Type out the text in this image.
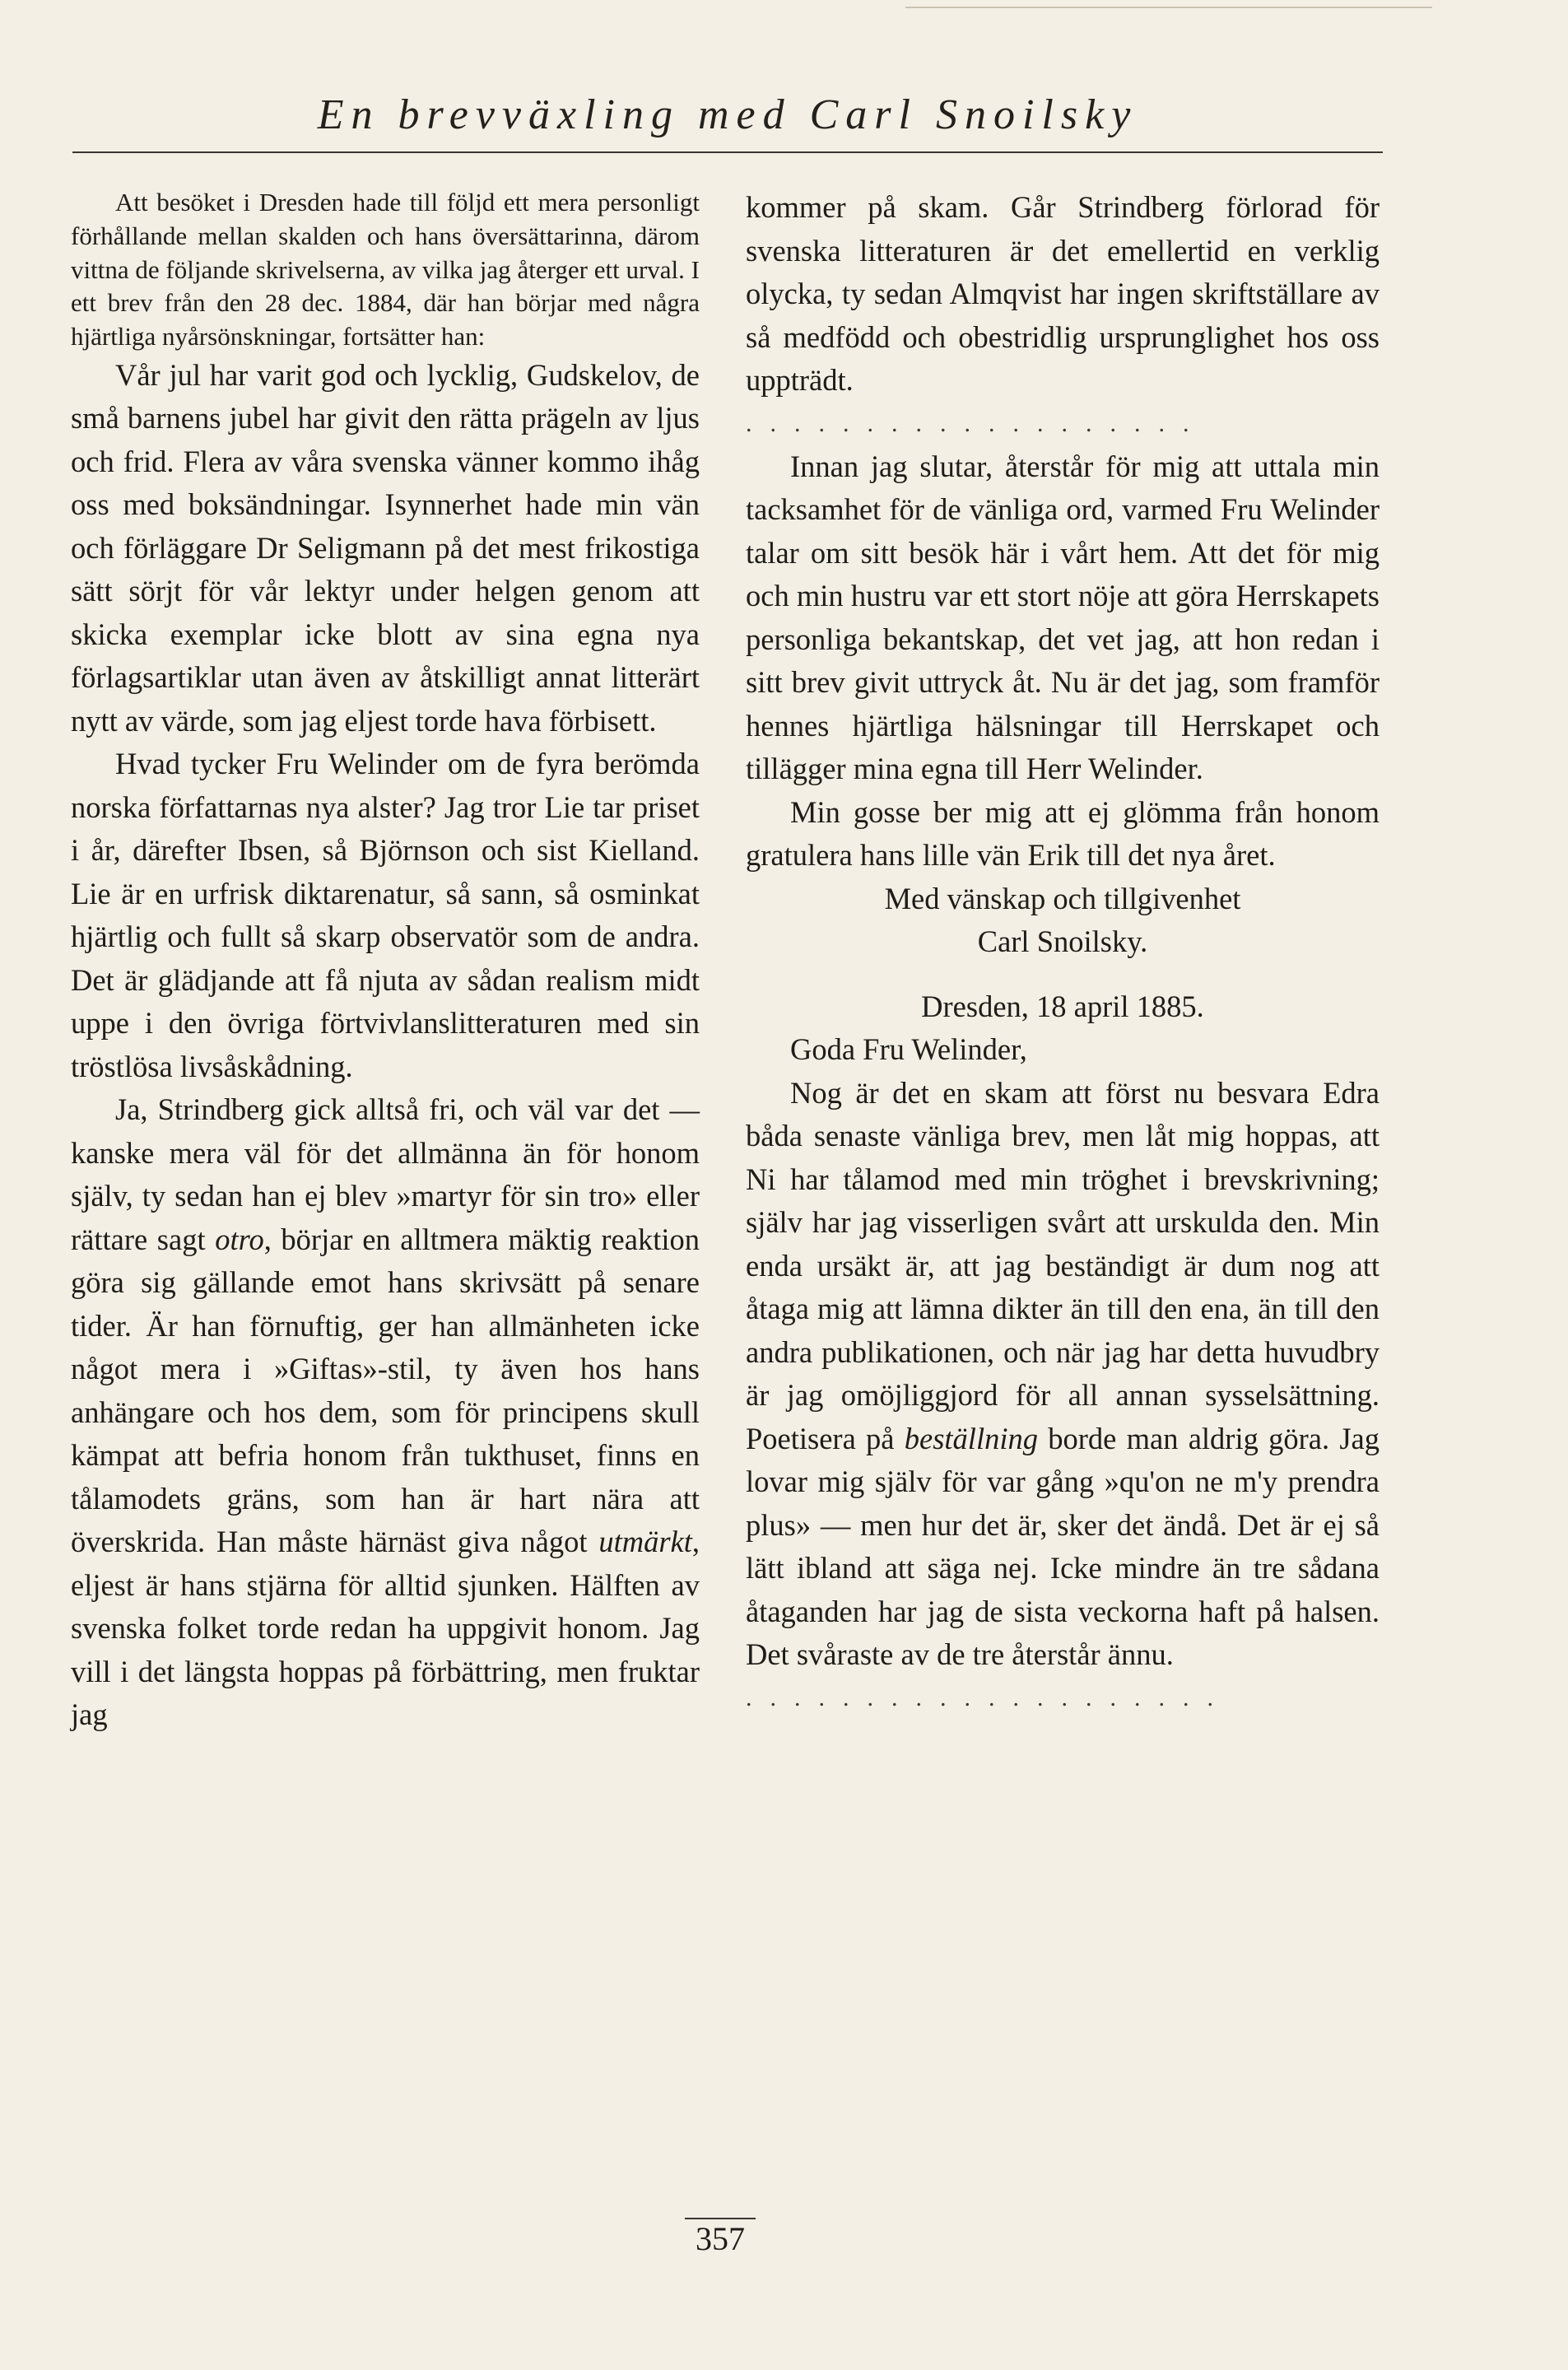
En brevväxling med Carl Snoilsky

Att besöket i Dresden hade till följd ett mera personligt förhållande mellan skalden och hans översättarinna, därom vittna de följande skrivelserna, av vilka jag återger ett urval. I ett brev från den 28 dec. 1884, där han börjar med några hjärtliga nyårsönskningar, fortsätter han:

Vår jul har varit god och lycklig, Gudskelov, de små barnens jubel har givit den rätta prägeln av ljus och frid. Flera av våra svenska vänner kommo ihåg oss med boksändningar. Isynnerhet hade min vän och förläggare Dr Seligmann på det mest frikostiga sätt sörjt för vår lektyr under helgen genom att skicka exemplar icke blott av sina egna nya förlagsartiklar utan även av åtskilligt annat litterärt nytt av värde, som jag eljest torde hava förbisett.

Hvad tycker Fru Welinder om de fyra berömda norska författarnas nya alster? Jag tror Lie tar priset i år, därefter Ibsen, så Björnson och sist Kielland. Lie är en urfrisk diktarenatur, så sann, så osminkat hjärtlig och fullt så skarp observatör som de andra. Det är glädjande att få njuta av sådan realism midt uppe i den övriga förtvivlanslitteraturen med sin tröstlösa livsåskådning.

Ja, Strindberg gick alltså fri, och väl var det — kanske mera väl för det allmänna än för honom själv, ty sedan han ej blev »martyr för sin tro» eller rättare sagt otro, börjar en alltmera mäktig reaktion göra sig gällande emot hans skrivsätt på senare tider. Är han förnuftig, ger han allmänheten icke något mera i »Giftas»-stil, ty även hos hans anhängare och hos dem, som för principens skull kämpat att befria honom från tukthuset, finns en tålamodets gräns, som han är hart nära att överskrida. Han måste härnäst giva något utmärkt, eljest är hans stjärna för alltid sjunken. Hälften av svenska folket torde redan ha uppgivit honom. Jag vill i det längsta hoppas på förbättring, men fruktar jag

kommer på skam. Går Strindberg förlorad för svenska litteraturen är det emellertid en verklig olycka, ty sedan Almqvist har ingen skriftställare av så medfödd och obestridlig ursprunglighet hos oss uppträdt.

...................

Innan jag slutar, återstår för mig att uttala min tacksamhet för de vänliga ord, varmed Fru Welinder talar om sitt besök här i vårt hem. Att det för mig och min hustru var ett stort nöje att göra Herrskapets personliga bekantskap, det vet jag, att hon redan i sitt brev givit uttryck åt. Nu är det jag, som framför hennes hjärtliga hälsningar till Herrskapet och tillägger mina egna till Herr Welinder.

Min gosse ber mig att ej glömma från honom gratulera hans lille vän Erik till det nya året.

Med vänskap och tillgivenhet

Carl Snoilsky.

Dresden, 18 april 1885.

Goda Fru Welinder,

Nog är det en skam att först nu besvara Edra båda senaste vänliga brev, men låt mig hoppas, att Ni har tålamod med min tröghet i brevskrivning; själv har jag visserligen svårt att urskulda den. Min enda ursäkt är, att jag beständigt är dum nog att åtaga mig att lämna dikter än till den ena, än till den andra publikationen, och när jag har detta huvudbry är jag omöjliggjord för all annan sysselsättning. Poetisera på beställning borde man aldrig göra. Jag lovar mig själv för var gång »qu'on ne m'y prendra plus» — men hur det är, sker det ändå. Det är ej så lätt ibland att säga nej. Icke mindre än tre sådana åtaganden har jag de sista veckorna haft på halsen. Det svåraste av de tre återstår ännu.

....................
357
